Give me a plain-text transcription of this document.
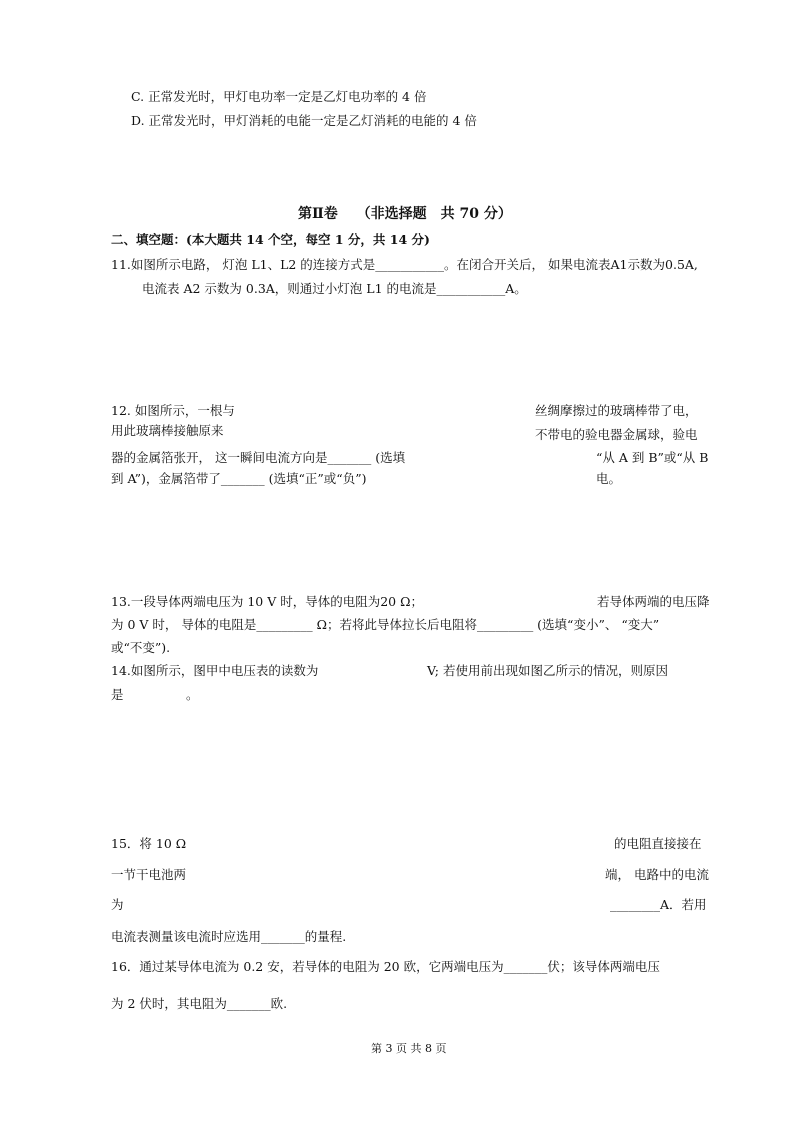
C. 正常发光时，甲灯电功率一定是乙灯电功率的 4 倍
D. 正常发光时，甲灯消耗的电能一定是乙灯消耗的电能的 4 倍
第Ⅱ卷　 （非选择题　共 70 分）
二、填空题：(本大题共 14 个空，每空 1 分，共 14 分)
11.如图所示电路， 灯泡 L1、L2 的连接方式是___________。在闭合开关后， 如果电流表A1示数为0.5A,
电流表 A2 示数为 0.3A，则通过小灯泡 L1 的电流是___________A。
12. 如图所示，一根与	丝绸摩擦过的玻璃棒带了电，
用此玻璃棒接触原来	不带电的验电器金属球，验电
器的金属箔张开， 这一瞬间电流方向是_______ (选填	“从 A 到 B”或“从 B
到 A”)，金属箔带了_______ (选填“正”或“负”)	电。
13.一段导体两端电压为 10 V 时，导体的电阻为20 Ω；	若导体两端的电压降
为 0 V 时， 导体的电阻是_________ Ω；若将此导体拉长后电阻将_________ (选填“变小”、 “变大”
或“不变”).
14.如图所示，图甲中电压表的读数为	V; 若使用前出现如图乙所示的情况，则原因
是　　　　　。
15．将 10 Ω	的电阻直接接在
一节干电池两	端， 电路中的电流
为	________A．若用
电流表测量该电流时应选用_______的量程.
16．通过某导体电流为 0.2 安，若导体的电阻为 20 欧，它两端电压为_______伏；该导体两端电压
为 2 伏时，其电阻为_______欧.
第 3 页 共 8 页
